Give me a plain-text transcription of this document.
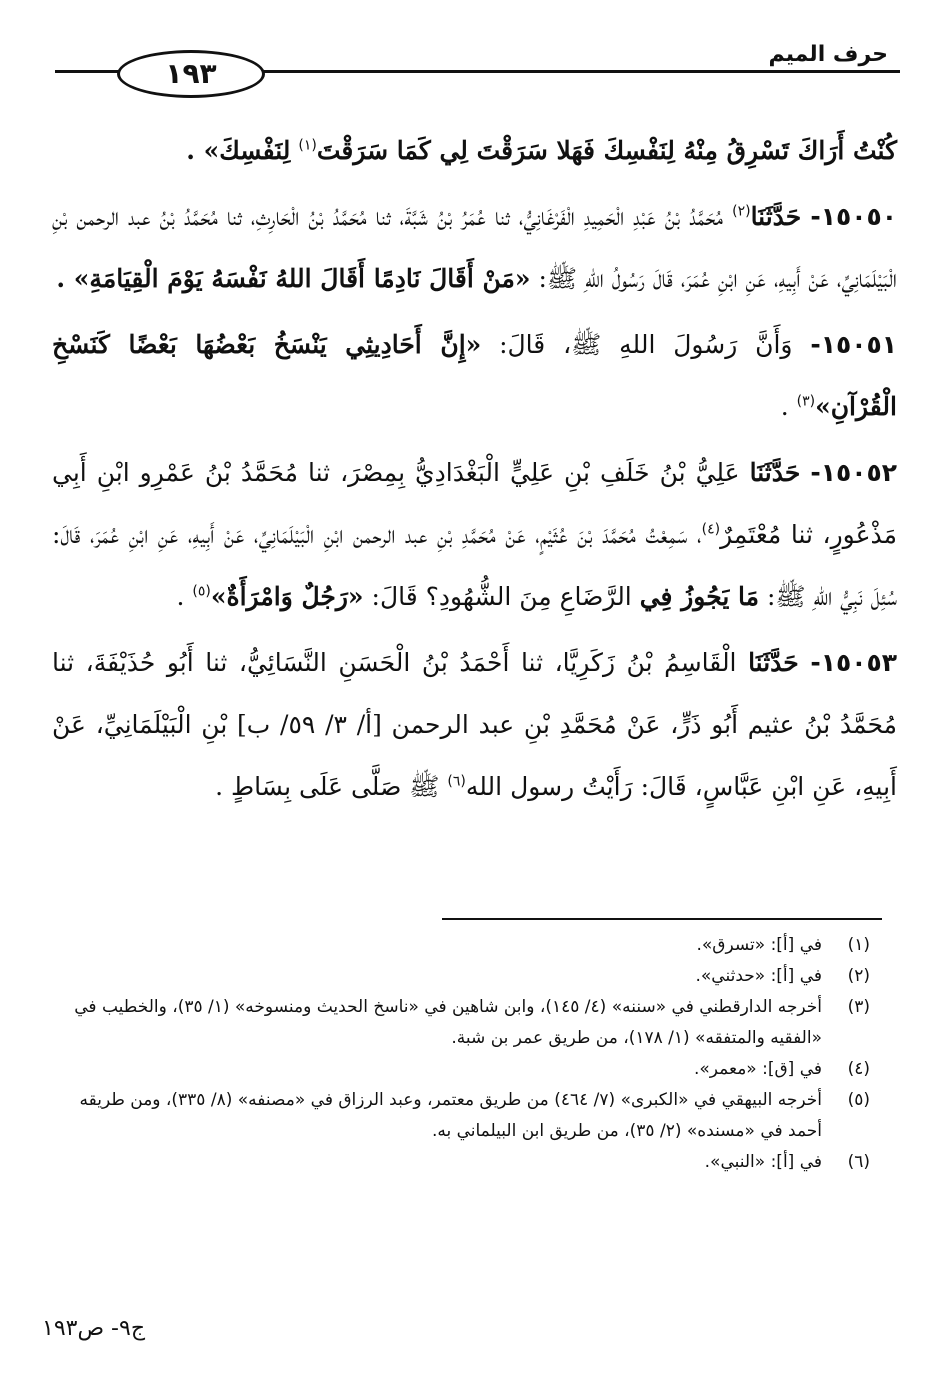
١٩٣
حرف الميم

كُنْتُ أَرَاكَ تَسْرِقُ مِنْهُ لِنَفْسِكَ فَهَلا سَرَقْتَ لِي كَمَا سَرَقْتَ$^{(١)}$ لِنَفْسِكَ» .

١٥٠٥٠- حَدَّثَنَا$^{(٢)}$ مُحَمَّدُ بْنُ عَبْدِ الْحَمِيدِ الْفَرْغَانِيُّ، ثنا عُمَرُ بْنُ شَبَّةَ، ثنا مُحَمَّدُ بْنُ الْحَارِثِ، ثنا مُحَمَّدُ بْنُ عبد الرحمن بْنِ الْبَيْلَمَانِيِّ، عَنْ أَبِيهِ، عَنِ ابْنِ عُمَرَ، قَالَ رَسُولُ اللهِ ﷺ: «مَنْ أَقَالَ نَادِمًا أَقَالَ اللهُ نَفْسَهُ يَوْمَ الْقِيَامَةِ» .

١٥٠٥١- وَأَنَّ رَسُولَ اللهِ ﷺ، قَالَ: «إِنَّ أَحَادِيثِي يَنْسَخُ بَعْضُهَا بَعْضًا كَنَسْخِ الْقُرْآنِ»$^{(٣)}$ .

١٥٠٥٢- حَدَّثَنَا عَلِيُّ بْنُ خَلَفِ بْنِ عَلِيٍّ الْبَغْدَادِيُّ بِمِصْرَ، ثنا مُحَمَّدُ بْنُ عَمْرِو ابْنِ أَبِي مَذْعُورٍ، ثنا مُعْتَمِرٌ$^{(٤)}$، سَمِعْتُ مُحَمَّدَ بْنَ عُثَيْمٍ، عَنْ مُحَمَّدِ بْنِ عبد الرحمن ابْنِ الْبَيْلَمَانِيِّ، عَنْ أَبِيهِ، عَنِ ابْنِ عُمَرَ، قَالَ: سُئِلَ نَبِيُّ اللهِ ﷺ: مَا يَجُوزُ فِي الرَّضَاعِ مِنَ الشُّهُودِ؟ قَالَ: «رَجُلٌ وَامْرَأَةٌ»$^{(٥)}$ .

١٥٠٥٣- حَدَّثَنَا الْقَاسِمُ بْنُ زَكَرِيَّا، ثنا أَحْمَدُ بْنُ الْحَسَنِ النَّسَائِيُّ، ثنا أَبُو حُذَيْفَةَ، ثنا مُحَمَّدُ بْنُ عثيم أَبُو ذَرٍّ، عَنْ مُحَمَّدِ بْنِ عبد الرحمن [أ/ ٣/ ٥٩/ ب] بْنِ الْبَيْلَمَانِيِّ، عَنْ أَبِيهِ، عَنِ ابْنِ عَبَّاسٍ، قَالَ: رَأَيْتُ رسول الله$^{(٦)}$ ﷺ صَلَّى عَلَى بِسَاطٍ .

(١)
في [أ]: «تسرق».
(٢)
في [أ]: «حدثني».
(٣)
أخرجه الدارقطني في «سننه» (٤/ ١٤٥)، وابن شاهين في «ناسخ الحديث ومنسوخه» (١/ ٣٥)، والخطيب في «الفقيه والمتفقه» (١/ ١٧٨)، من طريق عمر بن شبة.
(٤)
في [ق]: «معمر».
(٥)
أخرجه البيهقي في «الكبرى» (٧/ ٤٦٤) من طريق معتمر، وعبد الرزاق في «مصنفه» (٨/ ٣٣٥)، ومن طريقه أحمد في «مسنده» (٢/ ٣٥)، من طريق ابن البيلماني به.
(٦)
في [أ]: «النبي».
ج٩- ص١٩٣
